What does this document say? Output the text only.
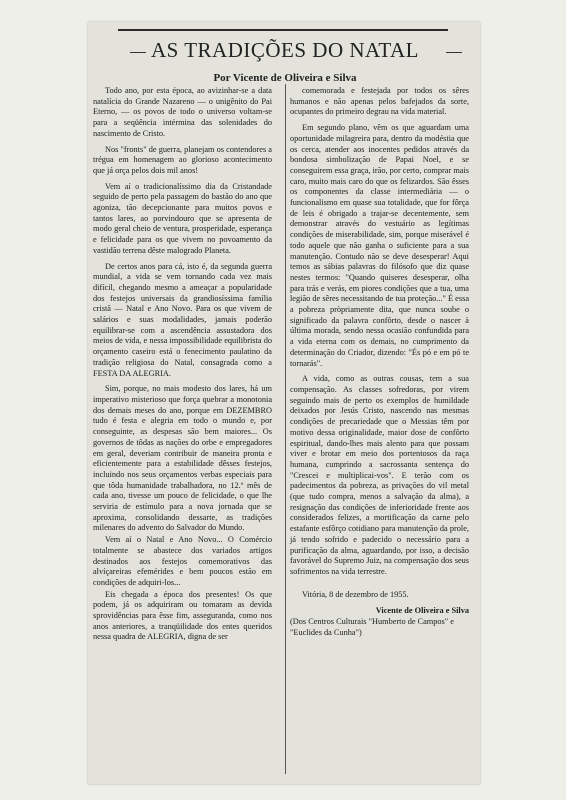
AS TRADIÇÕES DO NATAL
Por Vicente de Oliveira e Silva

Todo ano, por esta época, ao avizinhar-se a data natalícia do Grande Nazareno — o unigênito do Pai Eterno, — os povos de todo o universo voltam-se para a seqüência intérmina das solenidades do nascimento de Cristo.

Nos "fronts" de guerra, planejam os contendores a trégua em homenagem ao glorioso acontecimento que já orça pelos dois mil anos!

Vem aí o tradicionalíssimo dia da Cristandade seguido de perto pela passagem do bastão do ano que agoniza, tão decepcionante para muitos povos e tantos lares, ao porvindouro que se apresenta de modo geral cheio de ventura, prosperidade, esperança e felicidade para os que vivem no povoamento da vastidão terrena dêste malogrado Planeta.

De certos anos para cá, isto é, da segunda guerra mundial, a vida se vem tornando cada vez mais difícil, chegando mesmo a ameaçar a popularidade dos festejos universais da grandiosíssima família cristã — Natal e Ano Novo. Para os que vivem de salários e suas modalidades, jamais poderão equilibrar-se com a ascendência assustadora dos meios de vida, e nessa impossibilidade equilibrista do orçamento caseiro está o fenecimento paulatino da tradição religiosa do Natal, consagrada como a FESTA DA ALEGRIA.

Sim, porque, no mais modesto dos lares, há um imperativo misterioso que força quebrar a monotonia dos demais meses do ano, porque em DEZEMBRO tudo é festa e alegria em todo o mundo e, por conseguinte, as despesas são bem maiores... Os governos de tôdas as nações do orbe e empregadores em geral, deveriam contribuir de maneira pronta e eficientemente para a estabilidade dêsses festejos, incluindo nos seus orçamentos verbas especiais para que tôda humanidade trabalhadora, no 12.º mês de cada ano, tivesse um pouco de felicidade, o que lhe serviria de estímulo para a nova jornada que se aproxima, consolidando dessarte, as tradições milenares do advento do Salvador do Mundo.

Vem aí o Natal e Ano Novo... O Comércio totalmente se abastece dos variados artigos destinados aos festejos comemorativos das alvíçareiras efemérides e bem poucos estão em condições de adquiri-los...

Eis chegada a época dos presentes! Os que podem, já os adquiriram ou tomaram as devida sprovidências para êsse fim, asseguranda, como nos anos anteriores, a tranqüilidade dos entes queridos nessa quadra de ALEGRIA, digna de ser

comemorada e festejada por todos os sêres humanos e não apenas pelos bafejados da sorte, ocupantes do primeiro degrau na vida material.

Em segundo plano, vêm os que aguardam uma oportunidade milagreira para, dentro da modéstia que os cerca, atender aos inocentes pedidos através da bondosa simbolização de Papai Noel, e se conseguirem essa graça, irão, por certo, comprar mais caro, muito mais caro do que os felizardos. São êsses os componentes da classe intermediária — o funcionalismo em quase sua totalidade, que for fôrça de leis é obrigado a trajar-se decentemente, sem demonstrar através do vestuário as legítimas condições de miserabilidade, sim, porque miserável é todo aquele que não ganha o suficiente para a sua manutenção. Contudo não se deve desesperar! Aqui temos as sábias palavras do filósofo que diz quase nestes termos: "Quando quiseres desesperar, olha para trás e verás, em piores condições que a tua, uma legião de sêres necessitando de tua proteção..." É essa a pobreza pròpriamente dita, que nunca soube o significado da palavra confôrto, desde o nascer à última morada, sendo nessa ocasião confundida para a vida eterna com os demais, no cumprimento da determinação do Criador, dizendo: "És pó e em pó te tornarás".

A vida, como as outras cousas, tem a sua compensação. As classes sofredoras, por virem seguindo mais de perto os exemplos de humildade deixados por Jesús Cristo, nascendo nas mesmas condições de precariedade que o Messias têm por motivo dessa originalidade, maior dose de confôrto espiritual, dando-lhes mais alento para que possam viver e brotar em meio dos portentosos da raça humana, cumprindo a sacrossanta sentença do "Crescei e multiplicai-vos". E terão com os padecimentos da pobreza, as privações do vil metal (que tudo compra, menos a salvação da alma), a resignação das condições de inferioridade frente aos considerados felizes, a mortificação da carne pelo estafante esfôrço cotidiano para manutenção da prole, já tendo sofrido e padecido o necessário para a purificação da alma, aguardando, por isso, a decisão favorável do Supremo Juiz, na compensação dos seus sofrimentos na vida terrestre.

Vitória, 8 de dezembro de 1955.

Vicente de Oliveira e Silva

(Dos Centros Culturais "Humberto de Campos" e "Euclides da Cunha")
